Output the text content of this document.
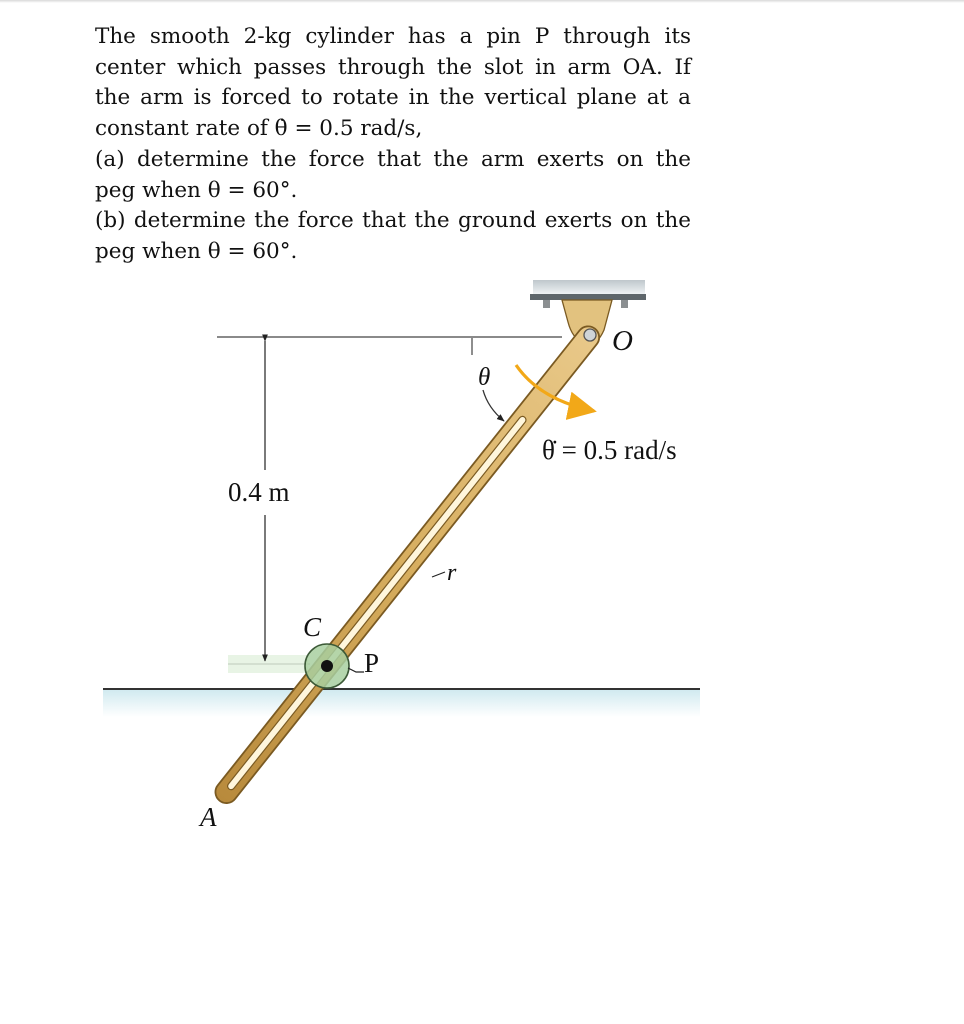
The smooth 2-kg cylinder has a pin P through its
center which passes through the slot in arm OA. If
the arm is forced to rotate in the vertical plane at a
constant rate of θ̇ = 0.5 rad/s,
(a) determine the force that the arm exerts on the
peg when θ = 60°.
(b) determine the force that the ground exerts on the
peg when θ = 60°.
0.4 m
θ
O
θ̇ = 0.5 rad/s
r
C
P
A
